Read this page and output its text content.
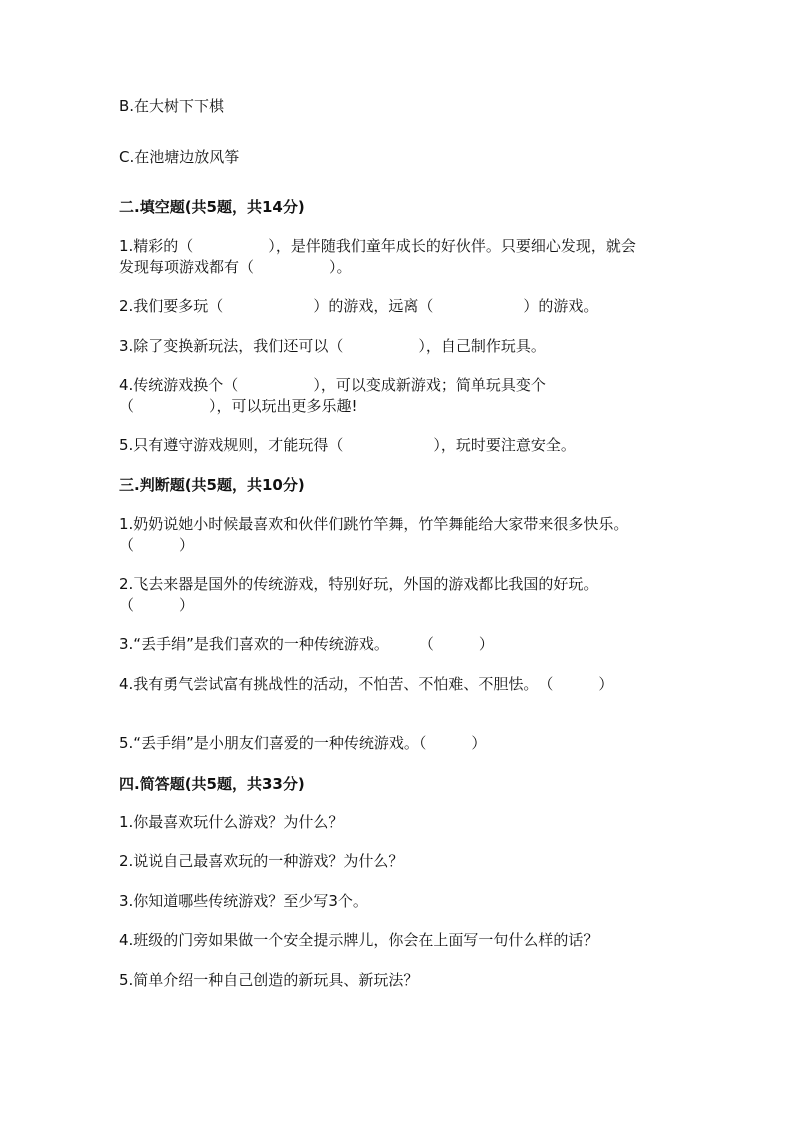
B.在大树下下棋
C.在池塘边放风筝
二.填空题(共5题，共14分)
1.精彩的（　　　　　），是伴随我们童年成长的好伙伴。只要细心发现，就会
发现每项游戏都有（　　　　　）。
2.我们要多玩（　　　　　　）的游戏，远离（　　　　　　）的游戏。
3.除了变换新玩法，我们还可以（　　　　　），自己制作玩具。
4.传统游戏换个（　　　　　），可以变成新游戏；简单玩具变个
（　　　　　），可以玩出更多乐趣!
5.只有遵守游戏规则，才能玩得（　　　　　　），玩时要注意安全。
三.判断题(共5题，共10分)
1.奶奶说她小时候最喜欢和伙伴们跳竹竿舞，竹竿舞能给大家带来很多快乐。
（　　　）
2.飞去来器是国外的传统游戏，特别好玩，外国的游戏都比我国的好玩。
（　　　）
3.“丢手绢”是我们喜欢的一种传统游戏。　　　（　　　）
4.我有勇气尝试富有挑战性的活动，不怕苦、不怕难、不胆怯。　（　　　）
5.“丢手绢”是小朋友们喜爱的一种传统游戏。（　　　）
四.简答题(共5题，共33分)
1.你最喜欢玩什么游戏？为什么？
2.说说自己最喜欢玩的一种游戏？为什么？
3.你知道哪些传统游戏？至少写3个。
4.班级的门旁如果做一个安全提示牌儿，你会在上面写一句什么样的话？
5.简单介绍一种自己创造的新玩具、新玩法？
